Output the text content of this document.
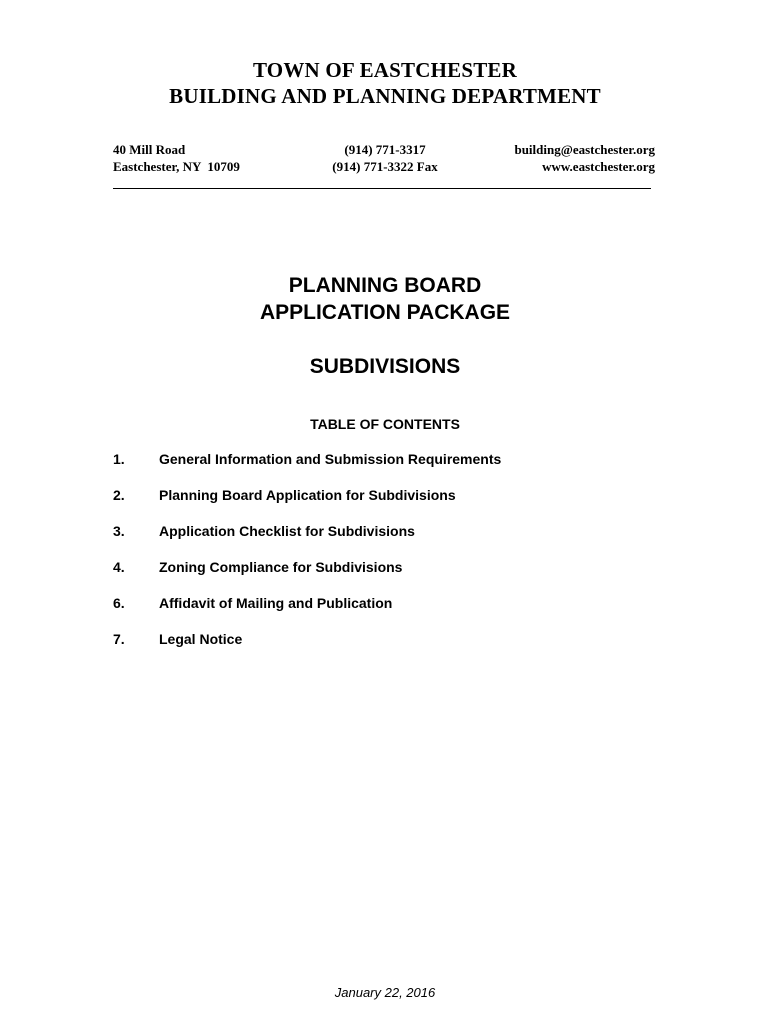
TOWN OF EASTCHESTER
BUILDING AND PLANNING DEPARTMENT
40 Mill Road
Eastchester, NY  10709
(914) 771-3317
(914) 771-3322 Fax
building@eastchester.org
www.eastchester.org
PLANNING BOARD
APPLICATION PACKAGE
SUBDIVISIONS
TABLE OF CONTENTS
1. General Information and Submission Requirements
2. Planning Board Application for Subdivisions
3. Application Checklist for Subdivisions
4. Zoning Compliance for Subdivisions
6. Affidavit of Mailing and Publication
7. Legal Notice
January 22, 2016
